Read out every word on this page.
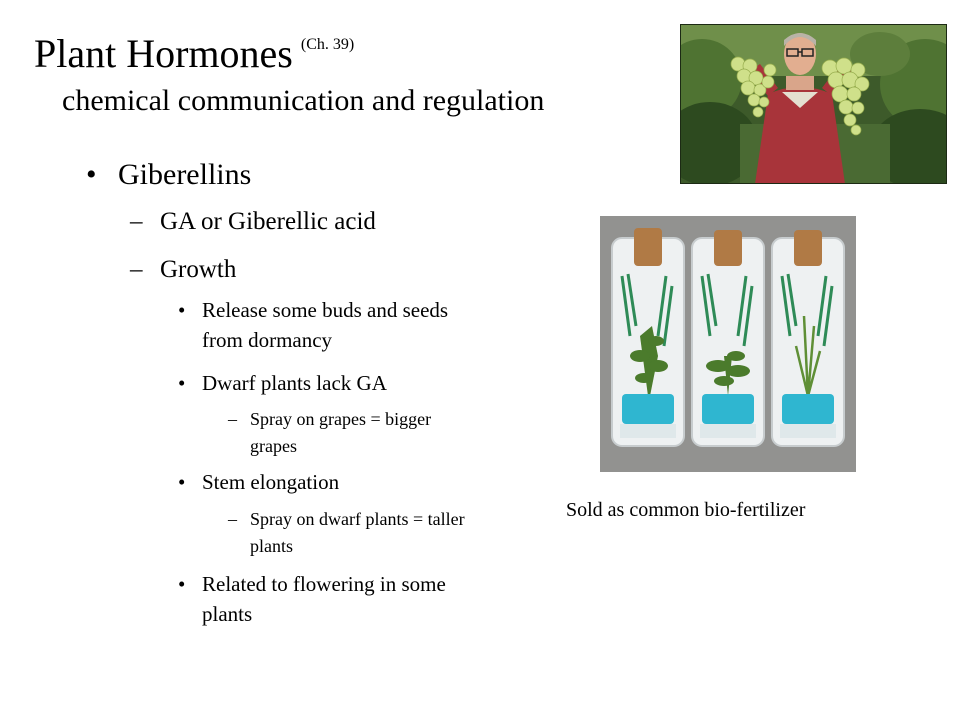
Plant Hormones $^{(Ch. 39)}$
chemical communication and regulation
• Giberellins
– GA or Giberellic acid
– Growth
• Release some buds and seeds from dormancy
• Dwarf plants lack GA
– Spray on grapes = bigger grapes
• Stem elongation
– Spray on dwarf plants = taller plants
• Related to flowering in some plants
Sold as common bio-fertilizer
